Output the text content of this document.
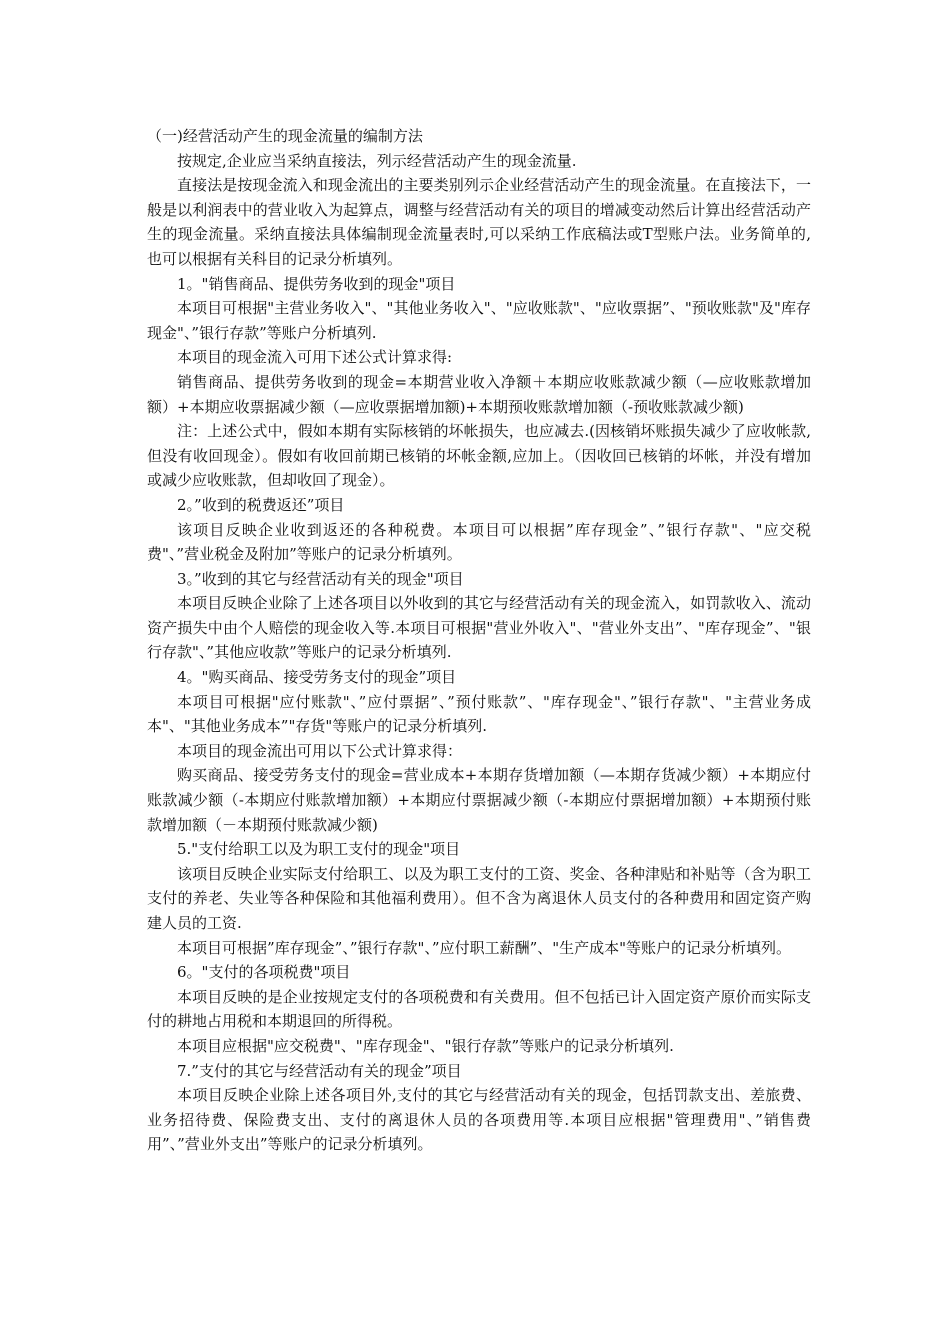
（一)经营活动产生的现金流量的编制方法

按规定,企业应当采纳直接法，列示经营活动产生的现金流量.

直接法是按现金流入和现金流出的主要类别列示企业经营活动产生的现金流量。在直接法下，一般是以利润表中的营业收入为起算点，调整与经营活动有关的项目的增减变动然后计算出经营活动产生的现金流量。采纳直接法具体编制现金流量表时,可以采纳工作底稿法或T型账户法。业务简单的,也可以根据有关科目的记录分析填列。

1。"销售商品、提供劳务收到的现金"项目

本项目可根据"主营业务收入"、"其他业务收入"、"应收账款"、"应收票据”、"预收账款"及"库存现金"、”银行存款”等账户分析填列.

本项目的现金流入可用下述公式计算求得:

销售商品、提供劳务收到的现金=本期营业收入净额＋本期应收账款减少额（—应收账款增加额）+本期应收票据减少额（—应收票据增加额)+本期预收账款增加额（-预收账款减少额)

注：上述公式中，假如本期有实际核销的坏帐损失，也应减去.(因核销坏账损失减少了应收帐款,但没有收回现金）。假如有收回前期已核销的坏帐金额,应加上。（因收回已核销的坏帐，并没有增加或减少应收账款，但却收回了现金）。

2。”收到的税费返还”项目

该项目反映企业收到返还的各种税费。本项目可以根据”库存现金”、”银行存款"、"应交税费"、”营业税金及附加”等账户的记录分析填列。

3。”收到的其它与经营活动有关的现金"项目

本项目反映企业除了上述各项目以外收到的其它与经营活动有关的现金流入，如罚款收入、流动资产损失中由个人赔偿的现金收入等.本项目可根据"营业外收入"、"营业外支出”、"库存现金”、"银行存款"、”其他应收款”等账户的记录分析填列.

4。"购买商品、接受劳务支付的现金”项目

本项目可根据"应付账款"、”应付票据”、”预付账款”、"库存现金"、”银行存款"、"主营业务成本"、"其他业务成本”"存货"等账户的记录分析填列.

本项目的现金流出可用以下公式计算求得：

购买商品、接受劳务支付的现金=营业成本+本期存货增加额（—本期存货减少额）+本期应付账款减少额（-本期应付账款增加额）+本期应付票据减少额（-本期应付票据增加额）+本期预付账款增加额（－本期预付账款减少额)

5."支付给职工以及为职工支付的现金"项目

该项目反映企业实际支付给职工、以及为职工支付的工资、奖金、各种津贴和补贴等（含为职工支付的养老、失业等各种保险和其他福利费用）。但不含为离退休人员支付的各种费用和固定资产购建人员的工资.

本项目可根据”库存现金”、”银行存款"、”应付职工薪酬”、"生产成本"等账户的记录分析填列。

6。"支付的各项税费"项目

本项目反映的是企业按规定支付的各项税费和有关费用。但不包括已计入固定资产原价而实际支付的耕地占用税和本期退回的所得税。

本项目应根据"应交税费"、"库存现金"、"银行存款”等账户的记录分析填列.

7.”支付的其它与经营活动有关的现金”项目

本项目反映企业除上述各项目外,支付的其它与经营活动有关的现金，包括罚款支出、差旅费、业务招待费、保险费支出、支付的离退休人员的各项费用等.本项目应根据"管理费用"、”销售费用”、”营业外支出”等账户的记录分析填列。
